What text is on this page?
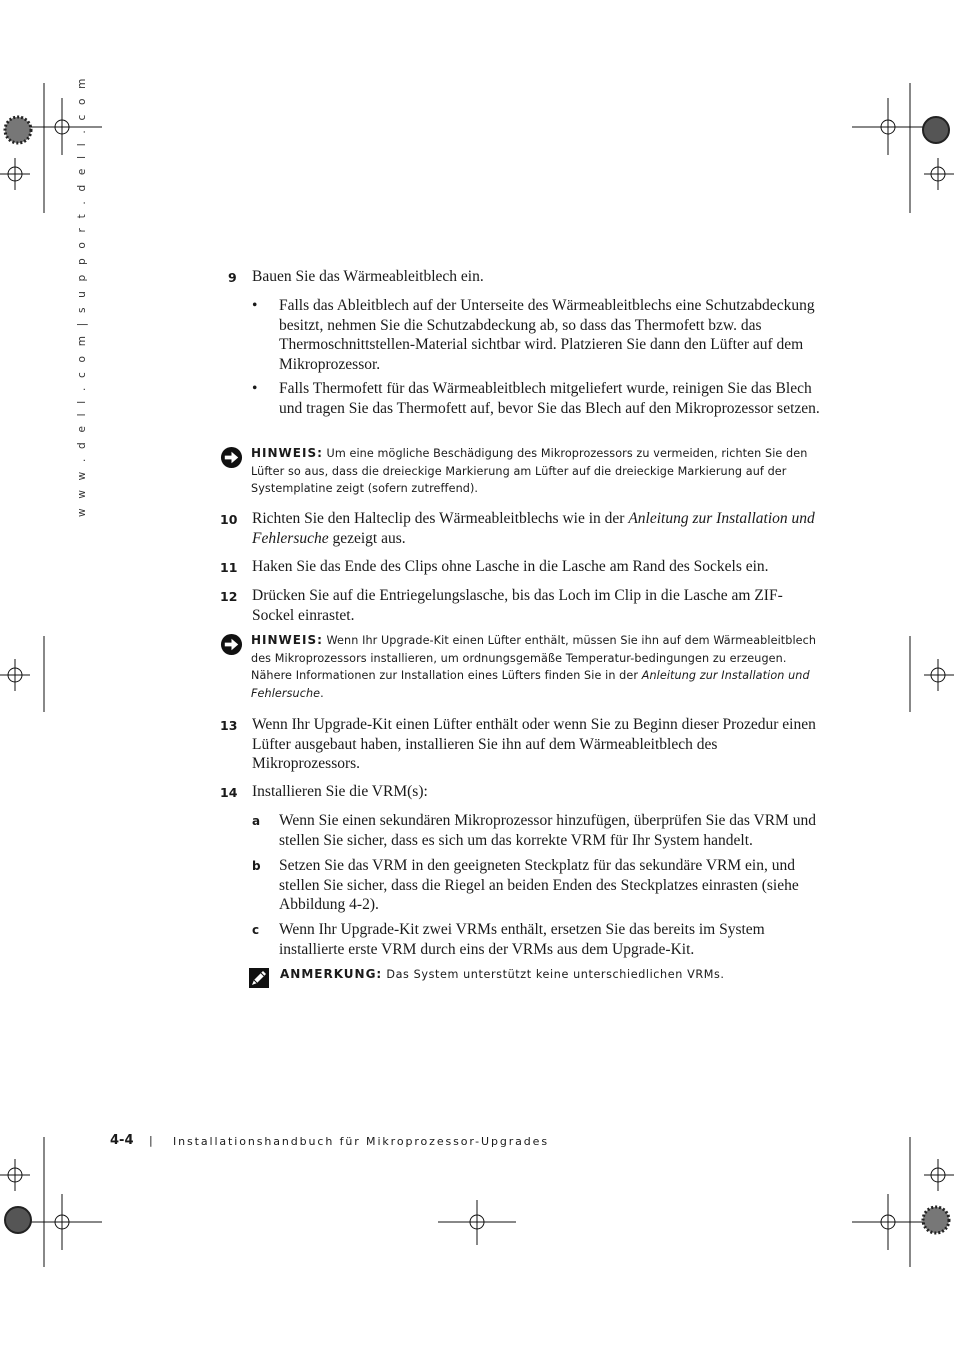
w w w . d e l l . c o m | s u p p o r t . d e l l . c o m	9 Bauen Sie das Wärmeableitblech ein.
• Falls das Ableitblech auf der Unterseite des Wärmeableitblechs eine Schutzabdeckung besitzt, nehmen Sie die Schutzabdeckung ab, so dass das Thermofett bzw. das Thermoschnittstellen-Material sichtbar wird. Platzieren Sie dann den Lüfter auf dem Mikroprozessor.
• Falls Thermofett für das Wärmeableitblech mitgeliefert wurde, reinigen Sie das Blech und tragen Sie das Thermofett auf, bevor Sie das Blech auf den Mikroprozessor setzen.
HINWEIS: Um eine mögliche Beschädigung des Mikroprozessors zu vermeiden, richten Sie den Lüfter so aus, dass die dreieckige Markierung am Lüfter auf die dreieckige Markierung auf der Systemplatine zeigt (sofern zutreffend).
10 Richten Sie den Halteclip des Wärmeableitblechs wie in der Anleitung zur Installation und Fehlersuche gezeigt aus.
11 Haken Sie das Ende des Clips ohne Lasche in die Lasche am Rand des Sockels ein.
12 Drücken Sie auf die Entriegelungslasche, bis das Loch im Clip in die Lasche am ZIF-Sockel einrastet.
HINWEIS: Wenn Ihr Upgrade-Kit einen Lüfter enthält, müssen Sie ihn auf dem Wärmeableitblech des Mikroprozessors installieren, um ordnungsgemäße Temperatur-bedingungen zu erzeugen. Nähere Informationen zur Installation eines Lüfters finden Sie in der Anleitung zur Installation und Fehlersuche.
13 Wenn Ihr Upgrade-Kit einen Lüfter enthält oder wenn Sie zu Beginn dieser Prozedur einen Lüfter ausgebaut haben, installieren Sie ihn auf dem Wärmeableitblech des Mikroprozessors.
14 Installieren Sie die VRM(s):
a Wenn Sie einen sekundären Mikroprozessor hinzufügen, überprüfen Sie das VRM und stellen Sie sicher, dass es sich um das korrekte VRM für Ihr System handelt.
b Setzen Sie das VRM in den geeigneten Steckplatz für das sekundäre VRM ein, und stellen Sie sicher, dass die Riegel an beiden Enden des Steckplatzes einrasten (siehe Abbildung 4-2).
c Wenn Ihr Upgrade-Kit zwei VRMs enthält, ersetzen Sie das bereits im System installierte erste VRM durch eins der VRMs aus dem Upgrade-Kit.
ANMERKUNG: Das System unterstützt keine unterschiedlichen VRMs.
4-4 | Installationshandbuch für Mikroprozessor-Upgrades
